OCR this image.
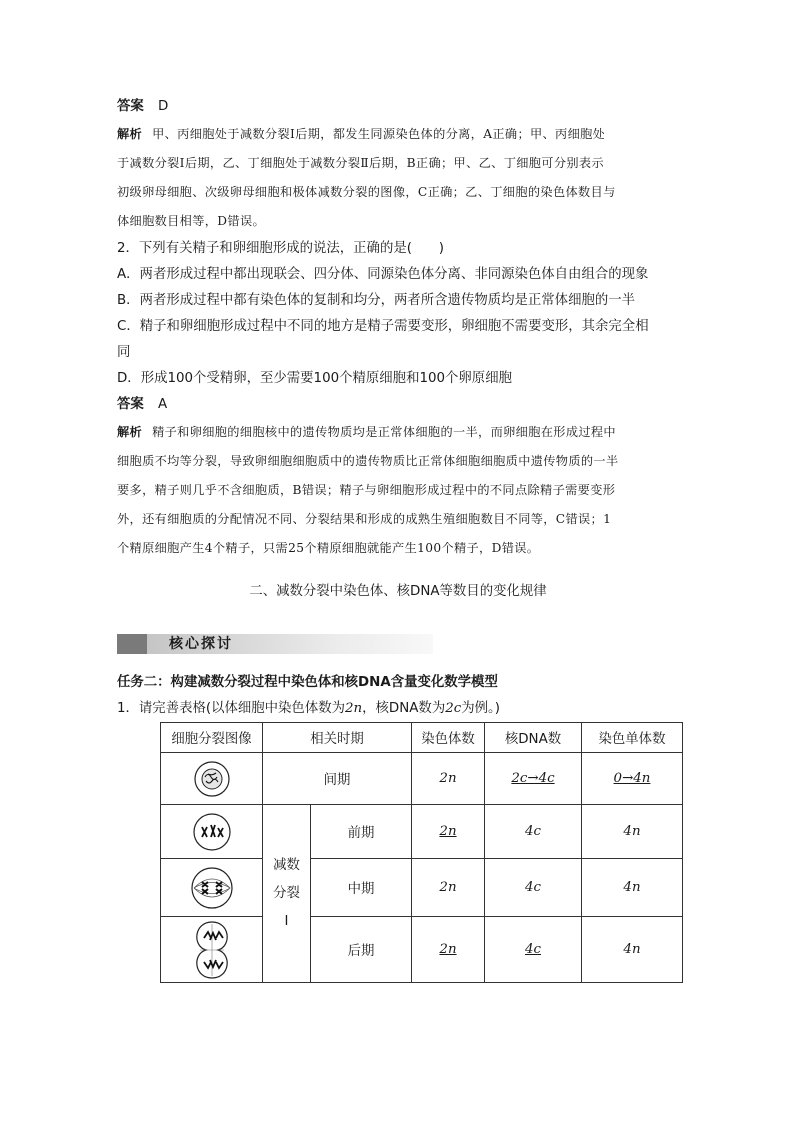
答案 D
解析 甲、丙细胞处于减数分裂Ⅰ后期，都发生同源染色体的分离，A正确；甲、丙细胞处
于减数分裂Ⅰ后期，乙、丁细胞处于减数分裂Ⅱ后期，B正确；甲、乙、丁细胞可分别表示
初级卵母细胞、次级卵母细胞和极体减数分裂的图像，C正确；乙、丁细胞的染色体数目与
体细胞数目相等，D错误。
2．下列有关精子和卵细胞形成的说法，正确的是(　　)
A．两者形成过程中都出现联会、四分体、同源染色体分离、非同源染色体自由组合的现象
B．两者形成过程中都有染色体的复制和均分，两者所含遗传物质均是正常体细胞的一半
C．精子和卵细胞形成过程中不同的地方是精子需要变形，卵细胞不需要变形，其余完全相
同
D．形成100个受精卵，至少需要100个精原细胞和100个卵原细胞
答案 A
解析 精子和卵细胞的细胞核中的遗传物质均是正常体细胞的一半，而卵细胞在形成过程中
细胞质不均等分裂，导致卵细胞细胞质中的遗传物质比正常体细胞细胞质中遗传物质的一半
要多，精子则几乎不含细胞质，B错误；精子与卵细胞形成过程中的不同点除精子需要变形
外，还有细胞质的分配情况不同、分裂结果和形成的成熟生殖细胞数目不同等，C错误；1
个精原细胞产生4个精子，只需25个精原细胞就能产生100个精子，D错误。
二、减数分裂中染色体、核DNA等数目的变化规律
核心探讨
任务二：构建减数分裂过程中染色体和核DNA含量变化数学模型
1．请完善表格(以体细胞中染色体数为2n，核DNA数为2c为例。)
细胞分裂图像	相关时期		染色体数	核DNA数	染色单体数

	间期		2n	2c→4c	0→4n

减数
分裂
Ⅰ	前期	2n	4c	4n

	中期	2n	4c	4n

	后期	2n	4c	4n
